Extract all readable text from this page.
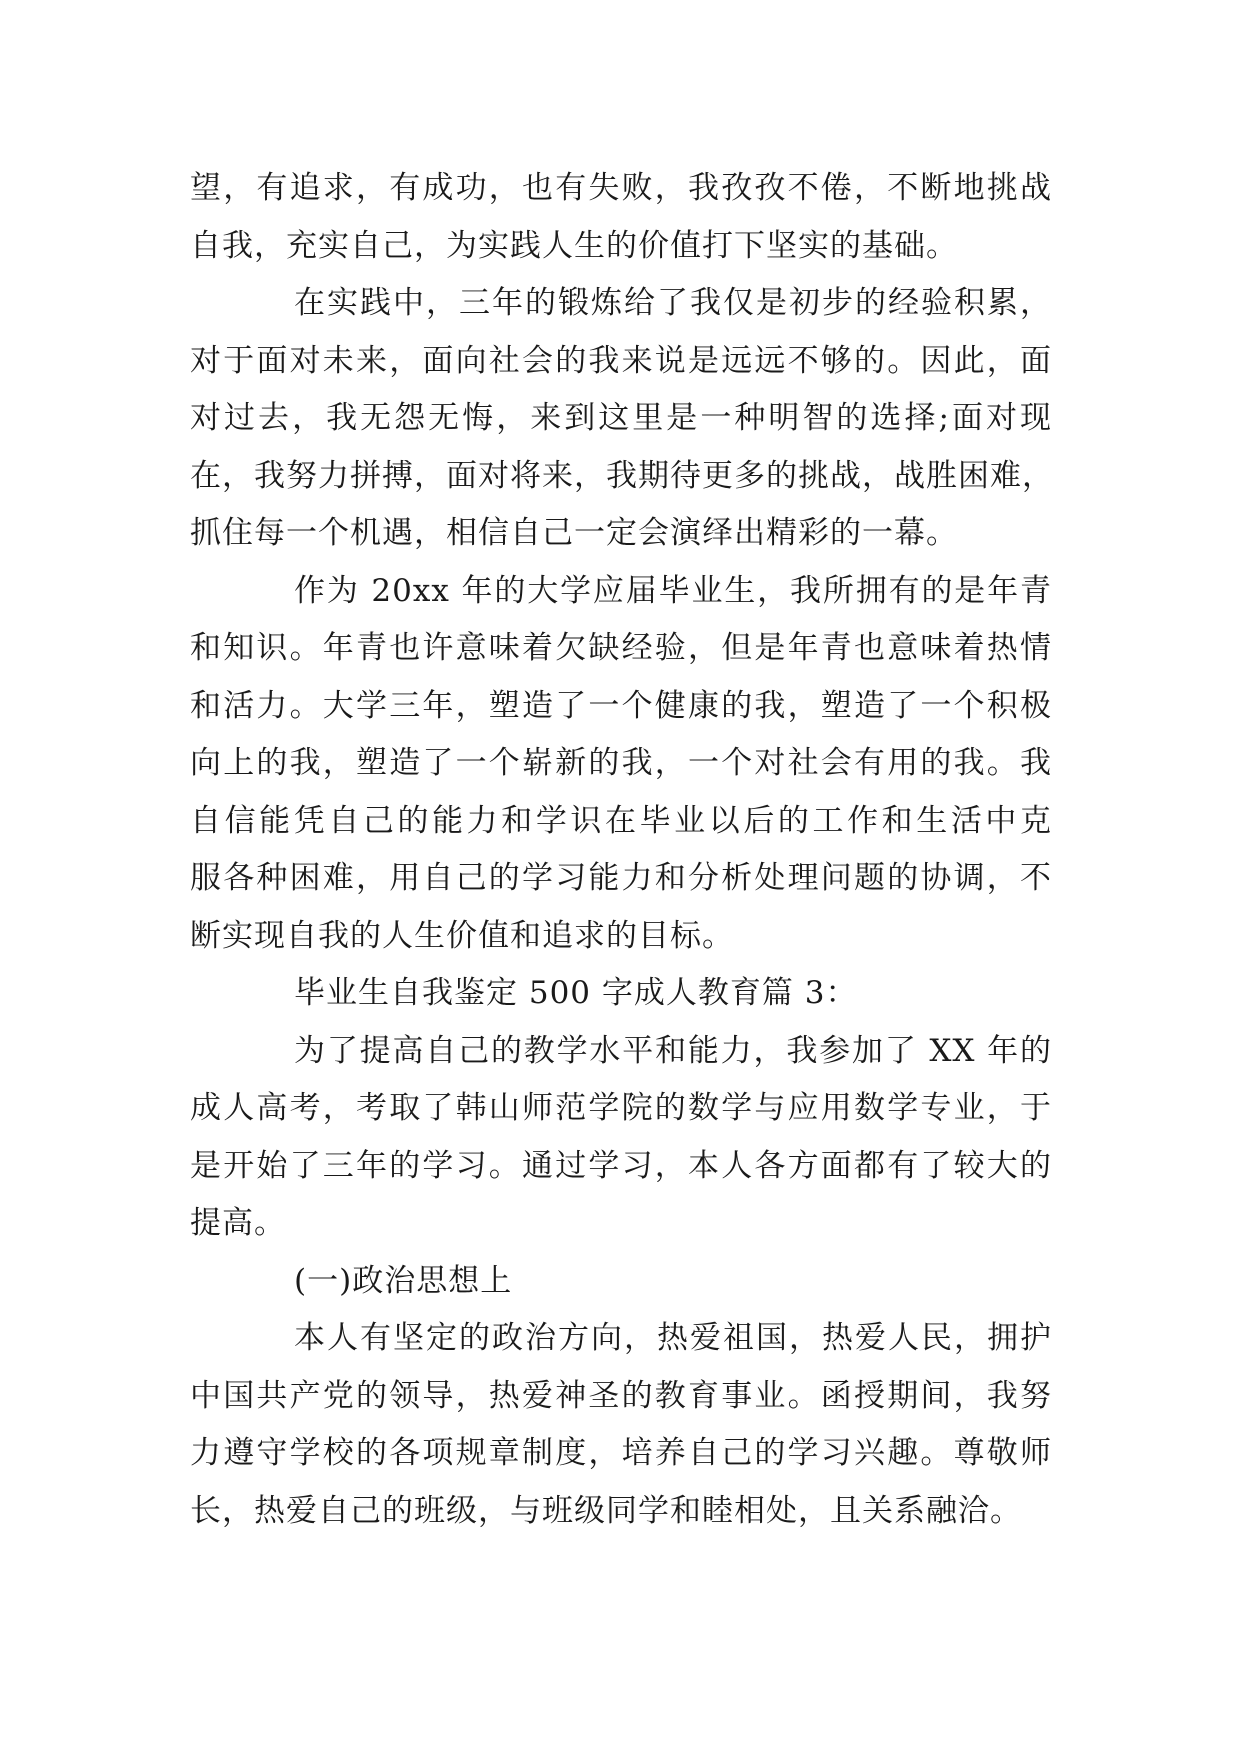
望，有追求，有成功，也有失败，我孜孜不倦，不断地挑战
自我，充实自己，为实践人生的价值打下坚实的基础。
在实践中，三年的锻炼给了我仅是初步的经验积累，
对于面对未来，面向社会的我来说是远远不够的。因此，面
对过去，我无怨无悔，来到这里是一种明智的选择;面对现
在，我努力拼搏，面对将来，我期待更多的挑战，战胜困难，
抓住每一个机遇，相信自己一定会演绎出精彩的一幕。
作为 20xx 年的大学应届毕业生，我所拥有的是年青
和知识。年青也许意味着欠缺经验，但是年青也意味着热情
和活力。大学三年，塑造了一个健康的我，塑造了一个积极
向上的我，塑造了一个崭新的我，一个对社会有用的我。我
自信能凭自己的能力和学识在毕业以后的工作和生活中克
服各种困难，用自己的学习能力和分析处理问题的协调，不
断实现自我的人生价值和追求的目标。
毕业生自我鉴定 500 字成人教育篇 3：
为了提高自己的教学水平和能力，我参加了 XX 年的
成人高考，考取了韩山师范学院的数学与应用数学专业，于
是开始了三年的学习。通过学习，本人各方面都有了较大的
提高。
(一)政治思想上
本人有坚定的政治方向，热爱祖国，热爱人民，拥护
中国共产党的领导，热爱神圣的教育事业。函授期间，我努
力遵守学校的各项规章制度，培养自己的学习兴趣。尊敬师
长，热爱自己的班级，与班级同学和睦相处，且关系融洽。
